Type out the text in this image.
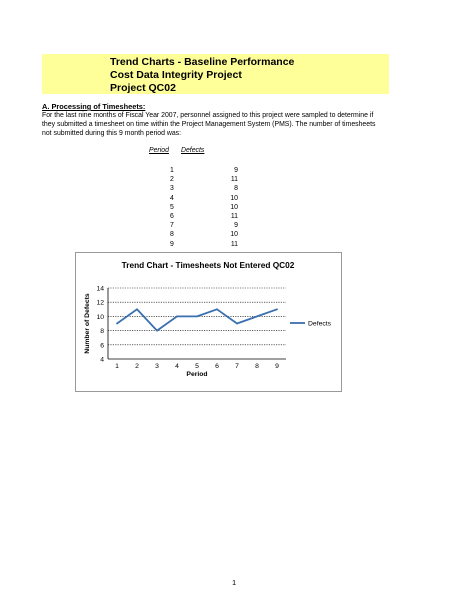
Trend Charts - Baseline Performance
Cost Data Integrity Project
Project QC02
A. Processing of Timesheets:
For the last nine months of Fiscal Year 2007, personnel assigned to this project were sampled to determine if
they submitted a timesheet on time within the Project Management System (PMS). The number of timesheets
not submitted during this 9 month period was:
Period Defects
1	9
2	11
3	8
4	10
5	10
6	11
7	9
8	10
9	11
Trend Chart - Timesheets Not Entered QC02
4
6
8
10
12
14
1 2 3 4 5 6 7 8 9
Period
Number of Defects	Defects
1
